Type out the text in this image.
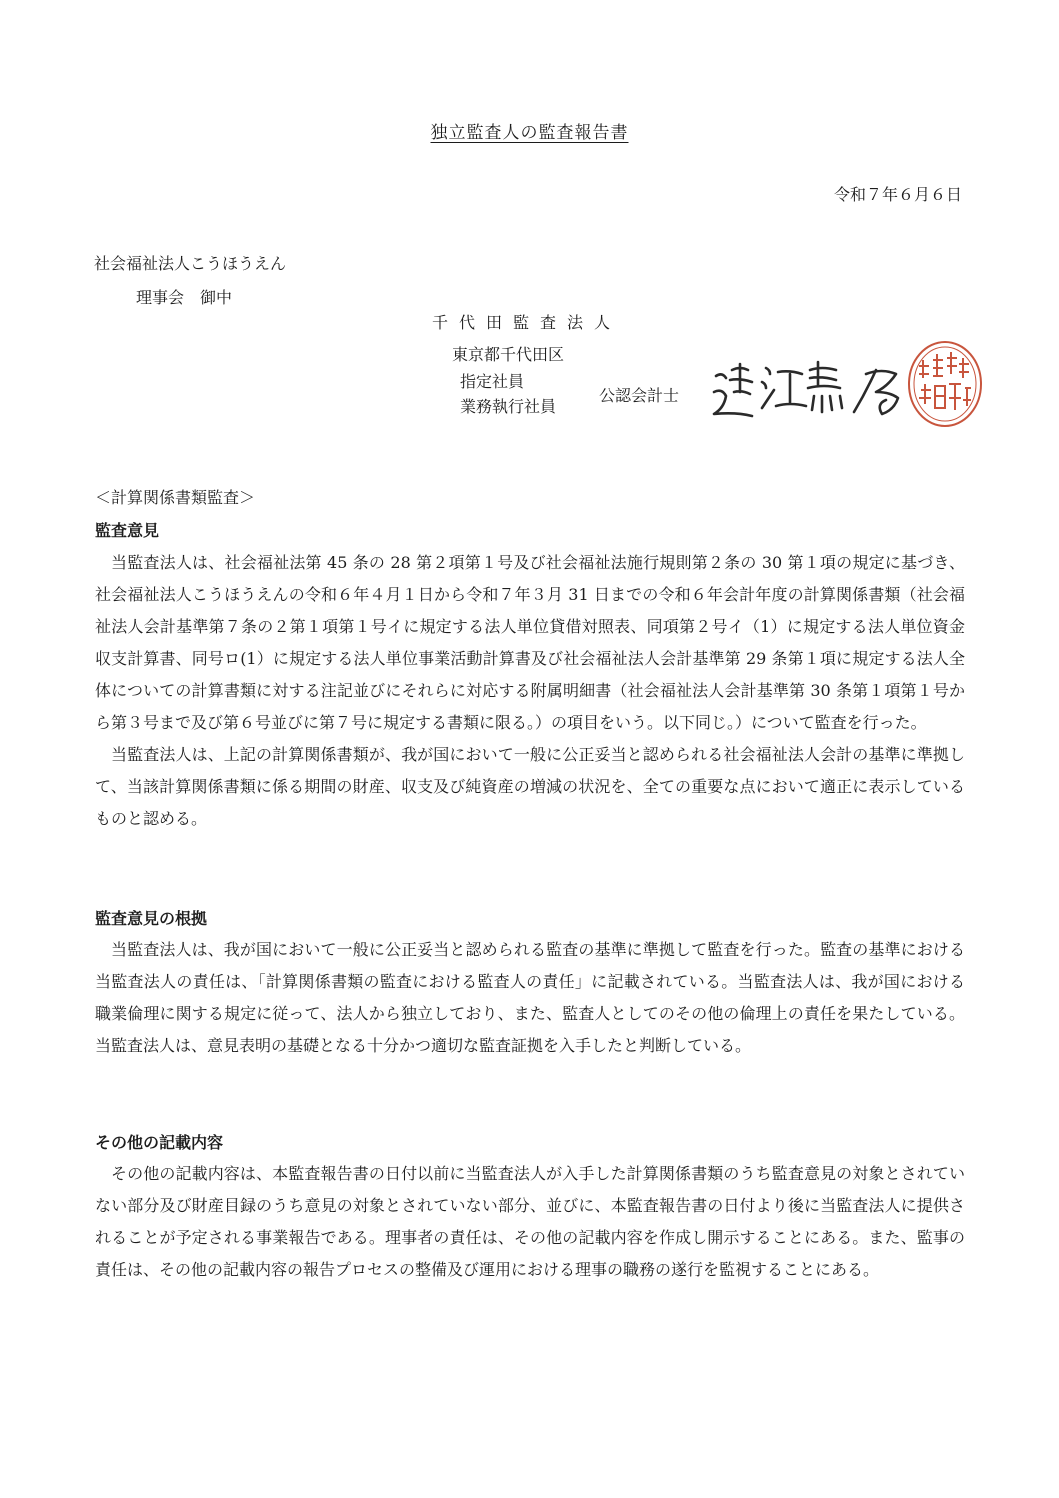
独立監査人の監査報告書
令和７年６月６日
社会福祉法人こうほうえん
理事会　御中
千代田監査法人
東京都千代田区
指定社員
業務執行社員
公認会計士
＜計算関係書類監査＞
監査意見

当監査法人は、社会福祉法第 45 条の 28 第２項第１号及び社会福祉法施行規則第２条の 30 第１項の規定に基づき、社会福祉法人こうほうえんの令和６年４月１日から令和７年３月 31 日までの令和６年会計年度の計算関係書類（社会福祉法人会計基準第７条の２第１項第１号イに規定する法人単位貸借対照表、同項第２号イ（1）に規定する法人単位資金収支計算書、同号ロ(1）に規定する法人単位事業活動計算書及び社会福祉法人会計基準第 29 条第１項に規定する法人全体についての計算書類に対する注記並びにそれらに対応する附属明細書（社会福祉法人会計基準第 30 条第１項第１号から第３号まで及び第６号並びに第７号に規定する書類に限る。）の項目をいう。以下同じ。）について監査を行った。

当監査法人は、上記の計算関係書類が、我が国において一般に公正妥当と認められる社会福祉法人会計の基準に準拠して、当該計算関係書類に係る期間の財産、収支及び純資産の増減の状況を、全ての重要な点において適正に表示しているものと認める。

監査意見の根拠

当監査法人は、我が国において一般に公正妥当と認められる監査の基準に準拠して監査を行った。監査の基準における当監査法人の責任は、「計算関係書類の監査における監査人の責任」に記載されている。当監査法人は、我が国における職業倫理に関する規定に従って、法人から独立しており、また、監査人としてのその他の倫理上の責任を果たしている。当監査法人は、意見表明の基礎となる十分かつ適切な監査証拠を入手したと判断している。

その他の記載内容

その他の記載内容は、本監査報告書の日付以前に当監査法人が入手した計算関係書類のうち監査意見の対象とされていない部分及び財産目録のうち意見の対象とされていない部分、並びに、本監査報告書の日付より後に当監査法人に提供されることが予定される事業報告である。理事者の責任は、その他の記載内容を作成し開示することにある。また、監事の責任は、その他の記載内容の報告プロセスの整備及び運用における理事の職務の遂行を監視することにある。
